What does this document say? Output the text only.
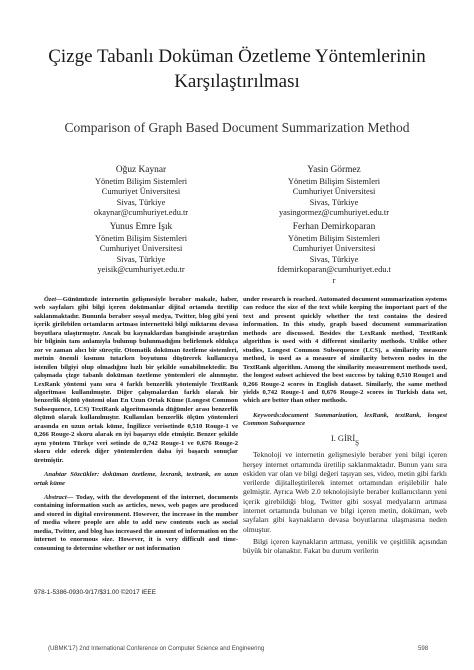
Çizge Tabanlı Doküman Özetleme Yöntemlerinin
Karşılaştırılması
Comparison of Graph Based Document Summarization Method
Oğuz Kaynar
Yönetim Bilişim Sistemleri
Cumuriyet Üniversitesi
Sivas, Türkiye
okaynar@cumhuriyet.edu.tr
Yasin Görmez
Yönetim Bilişim Sistemleri
Cumhuriyet Üniversitesi
Sivas, Türkiye
yasingormez@cumhuriyet.edu.tr
Yunus Emre Işık
Yönetim Bilişim Sistemleri
Cumhuriyet Üniversitesi
Sivas, Türkiye
yeisik@cumhuriyet.edu.tr
Ferhan Demirkoparan
Yönetim Bilişim Sistemleri
Cumhuriyet Üniversitesi
Sivas, Türkiye
fdemirkoparan@cumhuriyet.edu.t
r

Özet—Günümüzde internetin gelişmesiyle beraber makale, haber, web sayfaları gibi bilgi içeren dokümanlar dijital ortamda üretilip saklanmaktadır. Bununla beraber sosyal medya, Twitter, blog gibi yeni içerik girilebilen ortamların artması internetteki bilgi miktarını devasa boyutlara ulaştırmıştır. Ancak bu kaynaklardan bangisinde araştırılan bir bilginin tam anlamıyla bulunup bulunmadığını belirlemek oldukça zor ve zaman alıcı bir süreçtir. Otomatik doküman özetleme sistemleri, metnin önemli kısmını tutarken boyutunu düşürerek kullanıcıya istenilen bilgiyi olup olmadığını hızlı bir şekilde sunabilmektedir. Bu çalışmada çizge tabanlı doküman özetleme yöntemleri ele alınmıştır. LexRank yöntemi yanı sıra 4 farklı benzerlik yöntemiyle TextRank algoritması kullanılmıştır. Diğer çalışmalardan farklı olarak bir benzerlik ölçütü yöntemi olan En Uzun Ortak Küme (Longest Common Subsequence, LCS) TextRank algoritmasında düğümler arası benzerlik ölçümü olarak kullanılmıştır. Kullanılan benzerlik ölçüm yöntemleri arasında en uzun ortak küme, İngilizce verisetinde 0,510 Rouge-1 ve 0,266 Rouge-2 skoru alarak en iyi başarıyı elde etmiştir. Benzer şekilde aynı yöntem Türkçe veri setinde de 0,742 Rouge-1 ve 0,676 Rouge-2 skoru elde ederek diğer yöntemlerden daha iyi başarılı sonuçlar üretmiştir.

Anahtar Sözcükler: doküman özetleme, lexrank, textrank, en uzun ortak küme

Abstract— Today, with the development of the internet, documents containing information such as articles, news, web pages are produced and stored in digital environment. However, the increase in the number of media where people are able to add new contents such as social media, Twitter, and blog has increased the amount of information on the internet to enormous size. However, it is very difficult and time-consuming to determine whether or not information

under research is reached. Automated document summarization systems can reduce the size of the text while keeping the important part of the text and present quickly whether the text contains the desired information. In this study, graph based document summarization methods are discussed. Besides the LexRank method, TextRank algorithm is used with 4 different similarity methods. Unlike other studies, Longest Common Subsequence (LCS), a similarity measure method, is used as a measure of similarity between nodes in the TextRank algorithm. Among the similarity measurement methods used, the longest subset achieved the best success by taking 0,510 Rouge1 and 0,266 Rouge-2 scores in English dataset. Similarly, the same method yields 0,742 Rouge-1 and 0,676 Rouge-2 scores in Turkish data set, which are better than other methods.

Keywords:document Summarization, lexRank, textRank, longest Common Subsequence

I. $GİRİ_Ş$

Teknoloji ve internetin gelişmesiyle beraber yeni bilgi içeren herşey internet ortamında üretilip saklanmaktadır. Bunun yanı sıra eskiden var olan ve bilgi değeri taşıyan ses, video, metin gibi farklı verilerde dijitalleştirilerek internet ortamından erişilebilir hale gelmiştir. Ayrıca Web 2.0 teknolojisiyle beraber kullanıcıların yeni içerik girebildiği blog, Twitter gibi sosyal medyaların artması internet ortamında bulunan ve bilgi içeren metin, doküman, web sayfaları gibi kaynakların devasa boyutlarına ulaşmasına neden olmuştur.

Bilgi içeren kaynakların artması, yenilik ve çeşitlilik açısından büyük bir olanaktır. Fakat bu durum verilerin

978-1-5386-0930-9/17/$31.00 ©2017 IEEE
(UBMK'17) 2nd International Conference on Computer Science and Engineering	598
